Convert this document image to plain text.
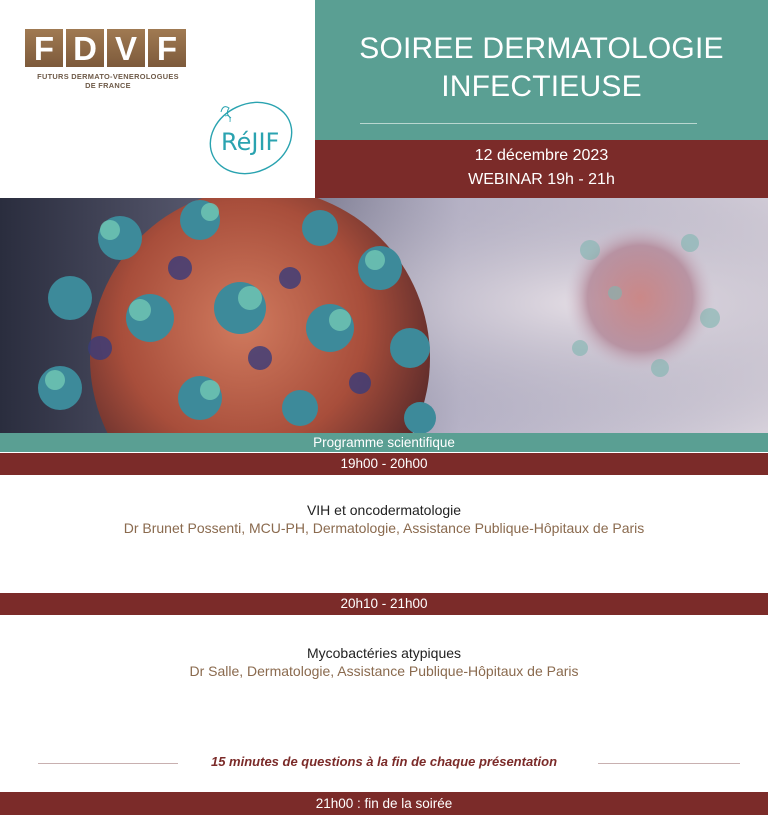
F D V F
FUTURS DERMATO-VENEROLOGUES
DE FRANCE
RéJIF
SOIREE DERMATOLOGIE
INFECTIEUSE
12 décembre 2023
WEBINAR 19h - 21h
Programme scientifique
19h00 - 20h00
VIH et oncodermatologie
Dr Brunet Possenti, MCU-PH, Dermatologie, Assistance Publique-Hôpitaux de Paris
20h10 - 21h00
Mycobactéries atypiques
Dr Salle, Dermatologie, Assistance Publique-Hôpitaux de Paris
15 minutes de questions à la fin de chaque présentation
21h00 : fin de la soirée
